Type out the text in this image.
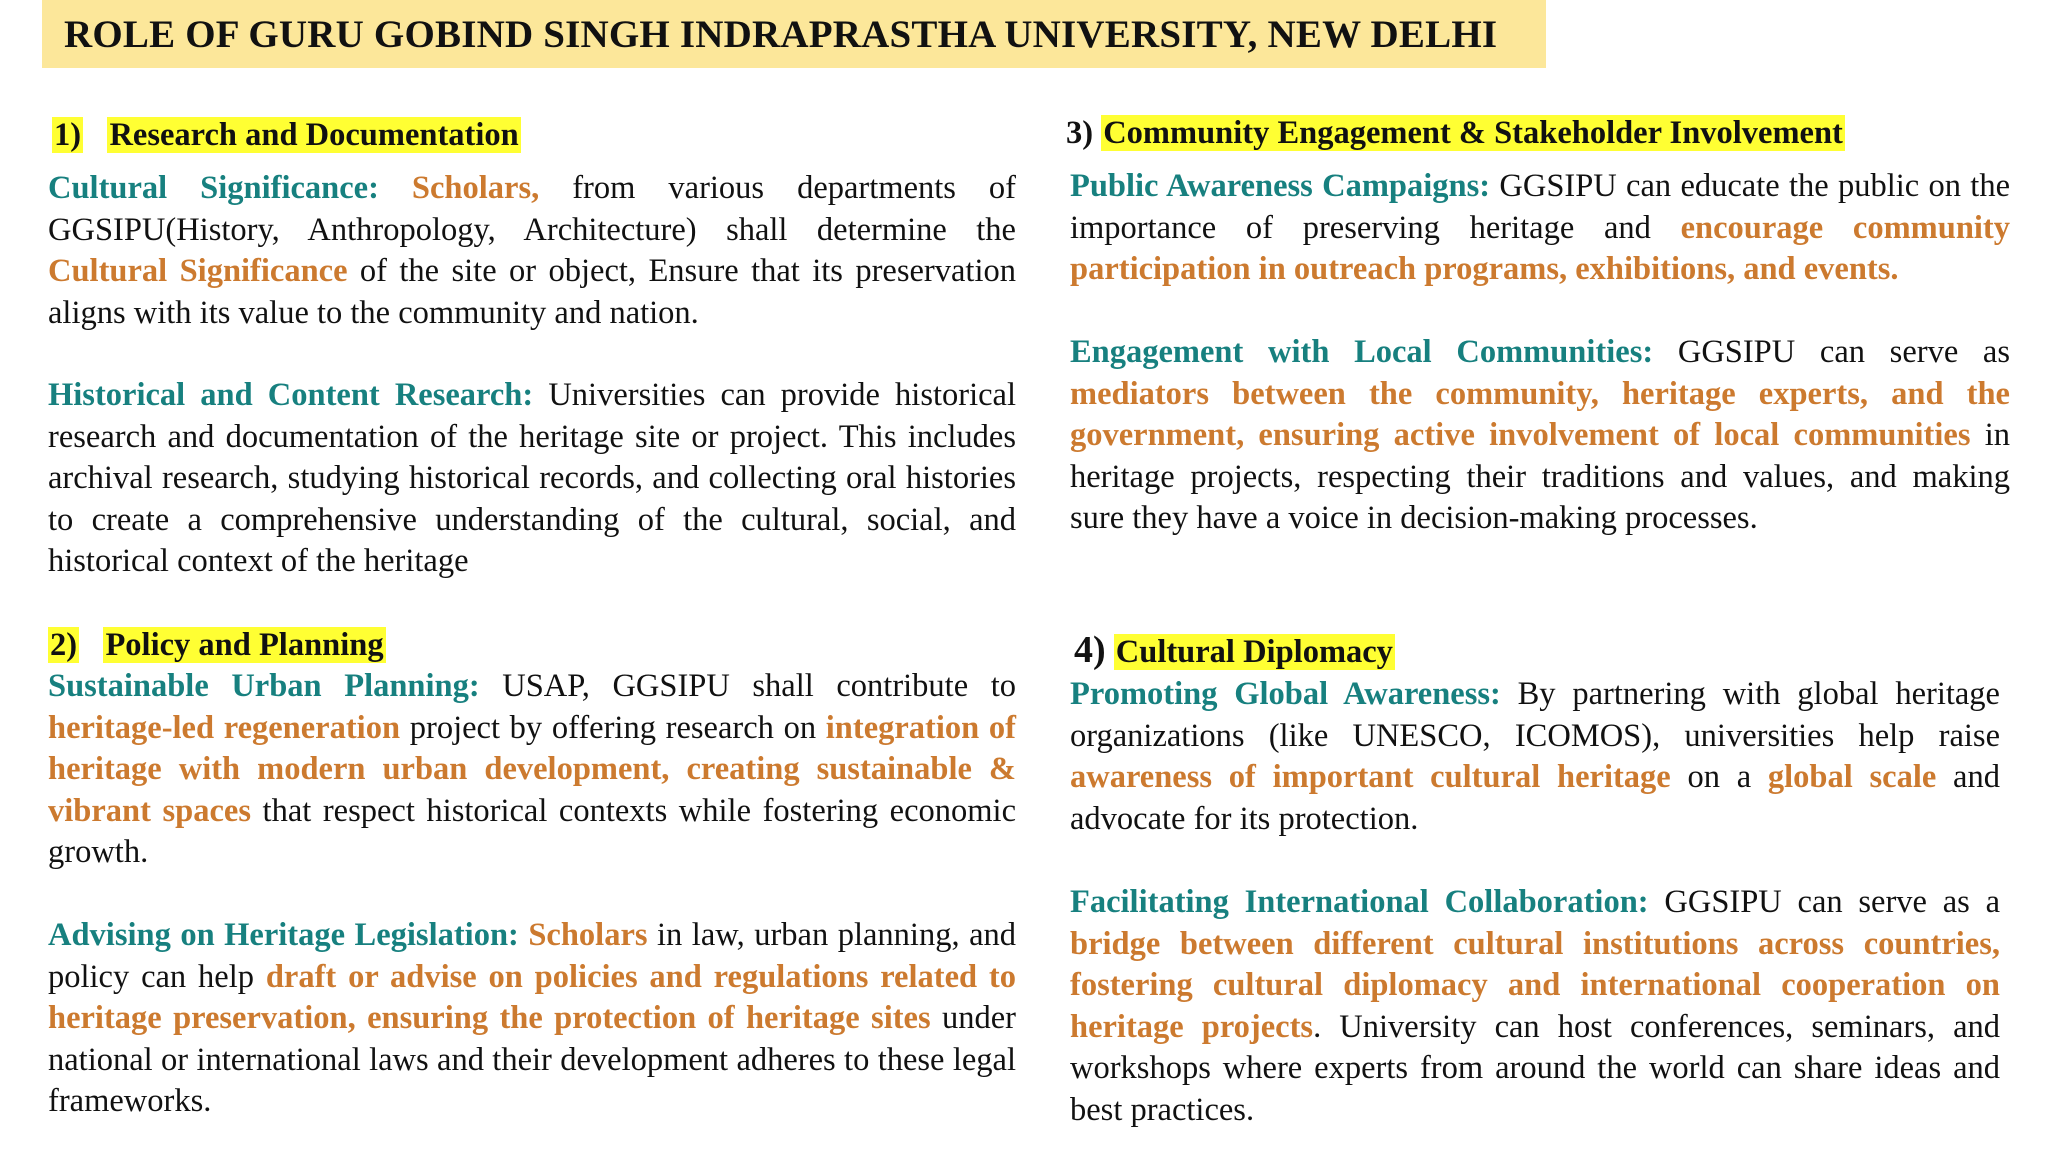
ROLE OF GURU GOBIND SINGH INDRAPRASTHA UNIVERSITY, NEW DELHI
1) Research and Documentation

Cultural Significance: Scholars, from various departments of GGSIPU(History, Anthropology, Architecture) shall determine the Cultural Significance of the site or object, Ensure that its preservation aligns with its value to the community and nation.

Historical and Content Research: Universities can provide historical research and documentation of the heritage site or project. This includes archival research, studying historical records, and collecting oral histories to create a comprehensive understanding of the cultural, social, and historical context of the heritage

2) Policy and Planning

Sustainable Urban Planning: USAP, GGSIPU shall contribute to heritage-led regeneration project by offering research on integration of heritage with modern urban development, creating sustainable & vibrant spaces that respect historical contexts while fostering economic growth.

Advising on Heritage Legislation: Scholars in law, urban planning, and policy can help draft or advise on policies and regulations related to heritage preservation, ensuring the protection of heritage sites under national or international laws and their development adheres to these legal frameworks.

3) Community Engagement & Stakeholder Involvement

Public Awareness Campaigns: GGSIPU can educate the public on the importance of preserving heritage and encourage community participation in outreach programs, exhibitions, and events.

Engagement with Local Communities: GGSIPU can serve as mediators between the community, heritage experts, and the government, ensuring active involvement of local communities in heritage projects, respecting their traditions and values, and making sure they have a voice in decision-making processes.

4) Cultural Diplomacy

Promoting Global Awareness: By partnering with global heritage organizations (like UNESCO, ICOMOS), universities help raise awareness of important cultural heritage on a global scale and advocate for its protection.

Facilitating International Collaboration: GGSIPU can serve as a bridge between different cultural institutions across countries, fostering cultural diplomacy and international cooperation on heritage projects. University can host conferences, seminars, and workshops where experts from around the world can share ideas and best practices.
